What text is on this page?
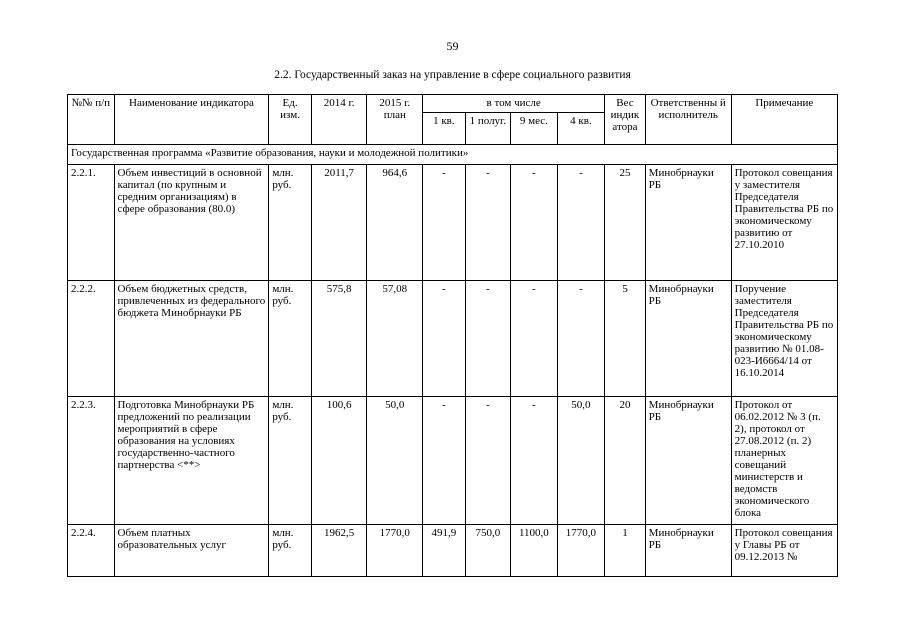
59
2.2. Государственный заказ на управление в сфере социального развития
№№ п/п	Наименование индикатора	Ед. изм.	2014 г.	2015 г. план	в том числе				Вес индик атора	Ответственны й исполнитель	Примечание
					1 кв.	1 полуг.	9 мес.	4 кв.			
Государственная программа «Развитие образования, науки и молодежной политики»											
2.2.1.	Объем инвестиций в основной капитал (по крупным и средним организациям) в сфере образования (80.0)	млн. руб.	2011,7	964,6	-	-	-	-	25	Минобрнауки РБ	Протокол совещания у заместителя Председателя Правительства РБ по экономическому развитию от 27.10.2010
2.2.2.	Объем бюджетных средств, привлеченных из федерального бюджета Минобрнауки РБ	млн. руб.	575,8	57,08	-	-	-	-	5	Минобрнауки РБ	Поручение заместителя Председателя Правительства РБ по экономическому развитию № 01.08-023-И6664/14 от 16.10.2014
2.2.3.	Подготовка Минобрнауки РБ предложений по реализации мероприятий в сфере образования на условиях государственно-частного партнерства <**>	млн. руб.	100,6	50,0	-	-	-	50,0	20	Минобрнауки РБ	Протокол от 06.02.2012 № 3 (п. 2), протокол от 27.08.2012 (п. 2) планерных совещаний министерств и ведомств экономического блока
2.2.4.	Объем платных образовательных услуг	млн. руб.	1962,5	1770,0	491,9	750,0	1100,0	1770,0	1	Минобрнауки РБ	Протокол совещания у Главы РБ от 09.12.2013 №
